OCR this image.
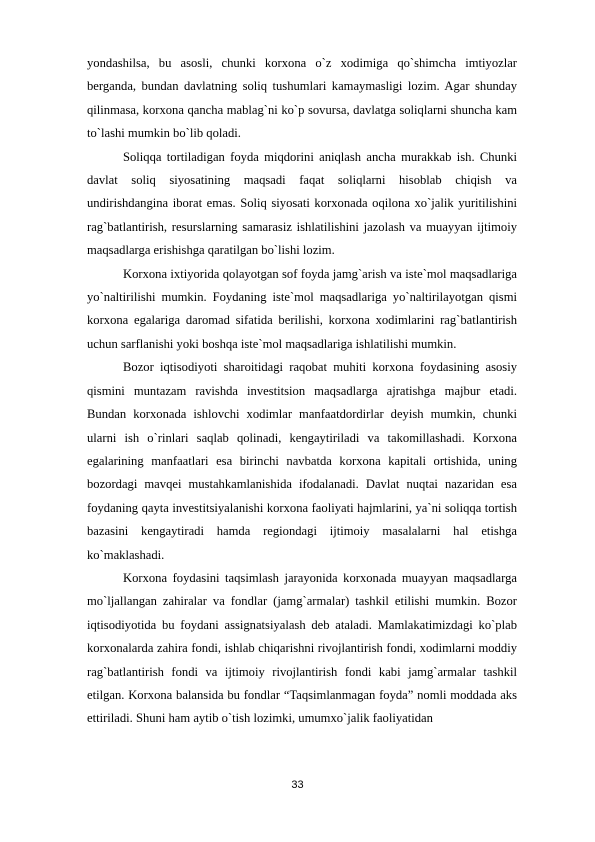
yondashilsa, bu asosli, chunki korxona o`z xodimiga qo`shimcha imtiyozlar berganda, bundan davlatning soliq tushumlari kamaymasligi lozim. Agar shunday qilinmasa, korxona qancha mablag`ni ko`p sovursa, davlatga soliqlarni shuncha kam to`lashi mumkin bo`lib qoladi.

Soliqqa tortiladigan foyda miqdorini aniqlash ancha murakkab ish. Chunki davlat soliq siyosatining maqsadi faqat soliqlarni hisoblab chiqish va undirishdangina iborat emas. Soliq siyosati korxonada oqilona xo`jalik yuritilishini rag`batlantirish, resurslarning samarasiz ishlatilishini jazolash va muayyan ijtimoiy maqsadlarga erishishga qaratilgan bo`lishi lozim.

Korxona ixtiyorida qolayotgan sof foyda jamg`arish va iste`mol maqsadlariga yo`naltirilishi mumkin. Foydaning iste`mol maqsadlariga yo`naltirilayotgan qismi korxona egalariga daromad sifatida berilishi, korxona xodimlarini rag`batlantirish uchun sarflanishi yoki boshqa iste`mol maqsadlariga ishlatilishi mumkin.

Bozor iqtisodiyoti sharoitidagi raqobat muhiti korxona foydasining asosiy qismini muntazam ravishda investitsion maqsadlarga ajratishga majbur etadi. Bundan korxonada ishlovchi xodimlar manfaatdordirlar deyish mumkin, chunki ularni ish o`rinlari saqlab qolinadi, kengaytiriladi va takomillashadi. Korxona egalarining manfaatlari esa birinchi navbatda korxona kapitali ortishida, uning bozordagi mavqei mustahkamlanishida ifodalanadi. Davlat nuqtai nazaridan esa foydaning qayta investitsiyalanishi korxona faoliyati hajmlarini, ya`ni soliqqa tortish bazasini kengaytiradi hamda regiondagi ijtimoiy masalalarni hal etishga ko`maklashadi.

Korxona foydasini taqsimlash jarayonida korxonada muayyan maqsadlarga mo`ljallangan zahiralar va fondlar (jamg`armalar) tashkil etilishi mumkin. Bozor iqtisodiyotida bu foydani assignatsiyalash deb ataladi. Mamlakatimizdagi ko`plab korxonalarda zahira fondi, ishlab chiqarishni rivojlantirish fondi, xodimlarni moddiy rag`batlantirish fondi va ijtimoiy rivojlantirish fondi kabi jamg`armalar tashkil etilgan. Korxona balansida bu fondlar “Taqsimlanmagan foyda” nomli moddada aks ettiriladi. Shuni ham aytib o`tish lozimki, umumxo`jalik faoliyatidan

33
